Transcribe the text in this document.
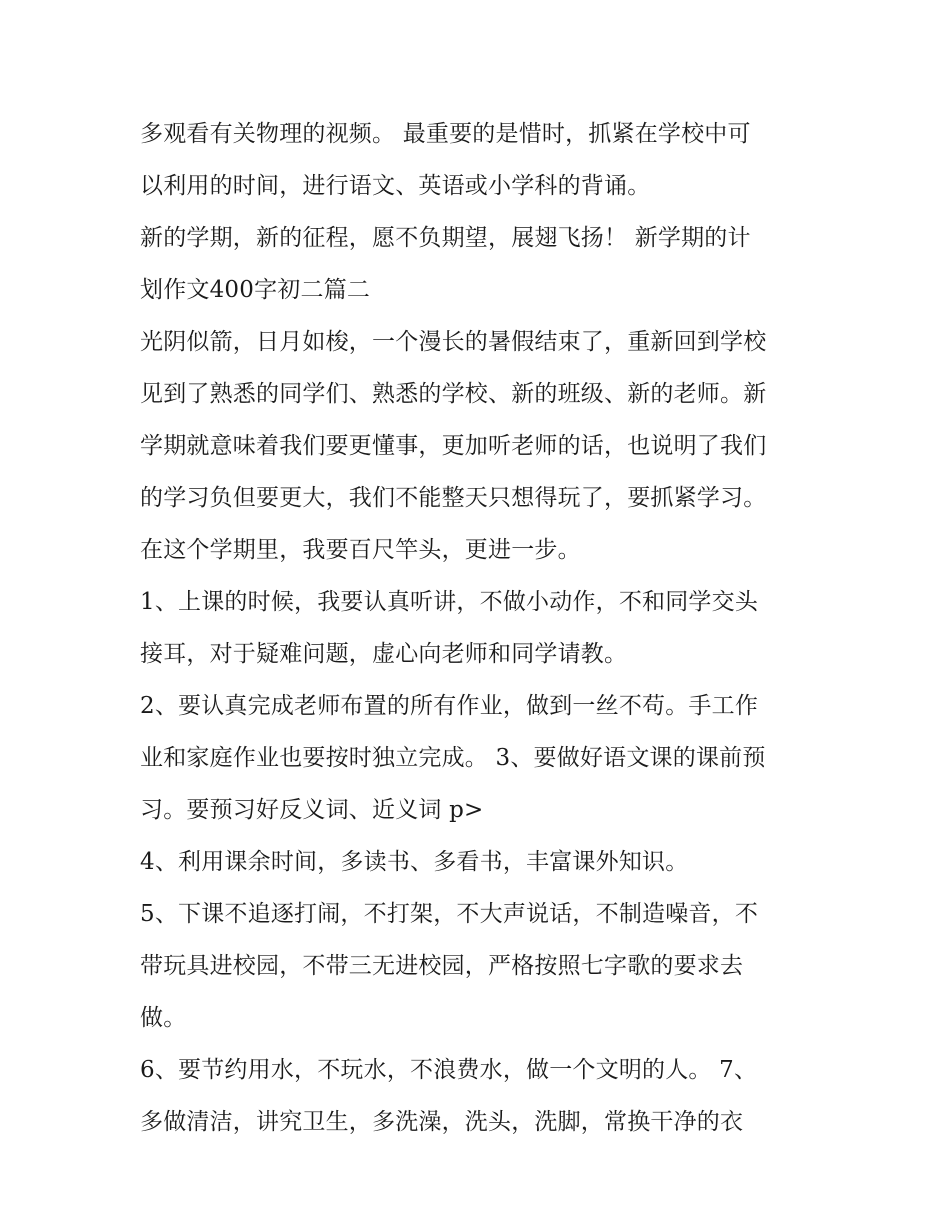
多观看有关物理的视频。 最重要的是惜时，抓紧在学校中可
以利用的时间，进行语文、英语或小学科的背诵。

新的学期，新的征程，愿不负期望，展翅飞扬！ 新学期的计
划作文400字初二篇二

光阴似箭，日月如梭，一个漫长的暑假结束了，重新回到学校
见到了熟悉的同学们、熟悉的学校、新的班级、新的老师。新
学期就意味着我们要更懂事，更加听老师的话，也说明了我们
的学习负但要更大，我们不能整天只想得玩了，要抓紧学习。
在这个学期里，我要百尺竿头，更进一步。

1、上课的时候，我要认真听讲，不做小动作，不和同学交头
接耳，对于疑难问题，虚心向老师和同学请教。

2、要认真完成老师布置的所有作业，做到一丝不苟。手工作
业和家庭作业也要按时独立完成。 3、要做好语文课的课前预
习。要预习好反义词、近义词 p>

4、利用课余时间，多读书、多看书，丰富课外知识。

5、下课不追逐打闹，不打架，不大声说话，不制造噪音，不
带玩具进校园，不带三无进校园，严格按照七字歌的要求去
做。

6、要节约用水，不玩水，不浪费水，做一个文明的人。 7、
多做清洁，讲究卫生，多洗澡，洗头，洗脚，常换干净的衣
